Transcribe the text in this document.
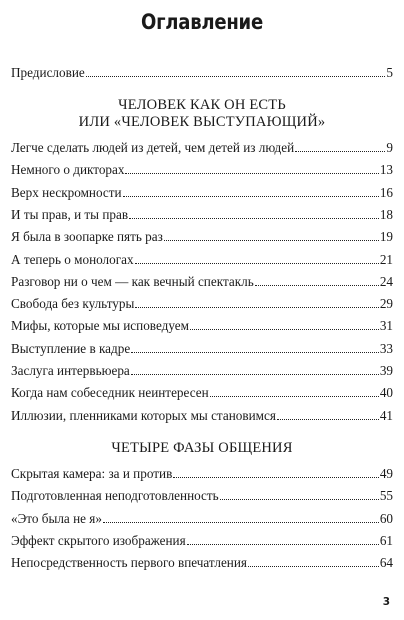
Оглавление
Предисловие	5
ЧЕЛОВЕК КАК ОН ЕСТЬ
ИЛИ «ЧЕЛОВЕК ВЫСТУПАЮЩИЙ»
Легче сделать людей из детей, чем детей из людей	9
Немного о дикторах	13
Верх нескромности	16
И ты прав, и ты прав	18
Я была в зоопарке пять раз	19
А теперь о монологах	21
Разговор ни о чем — как вечный спектакль	24
Свобода без культуры	29
Мифы, которые мы исповедуем	31
Выступление в кадре	33
Заслуга интервьюера	39
Когда нам собеседник неинтересен	40
Иллюзии, пленниками которых мы становимся	41
ЧЕТЫРЕ ФАЗЫ ОБЩЕНИЯ
Скрытая камера: за и против	49
Подготовленная неподготовленность	55
«Это была не я»	60
Эффект скрытого изображения	61
Непосредственность первого впечатления	64
3
